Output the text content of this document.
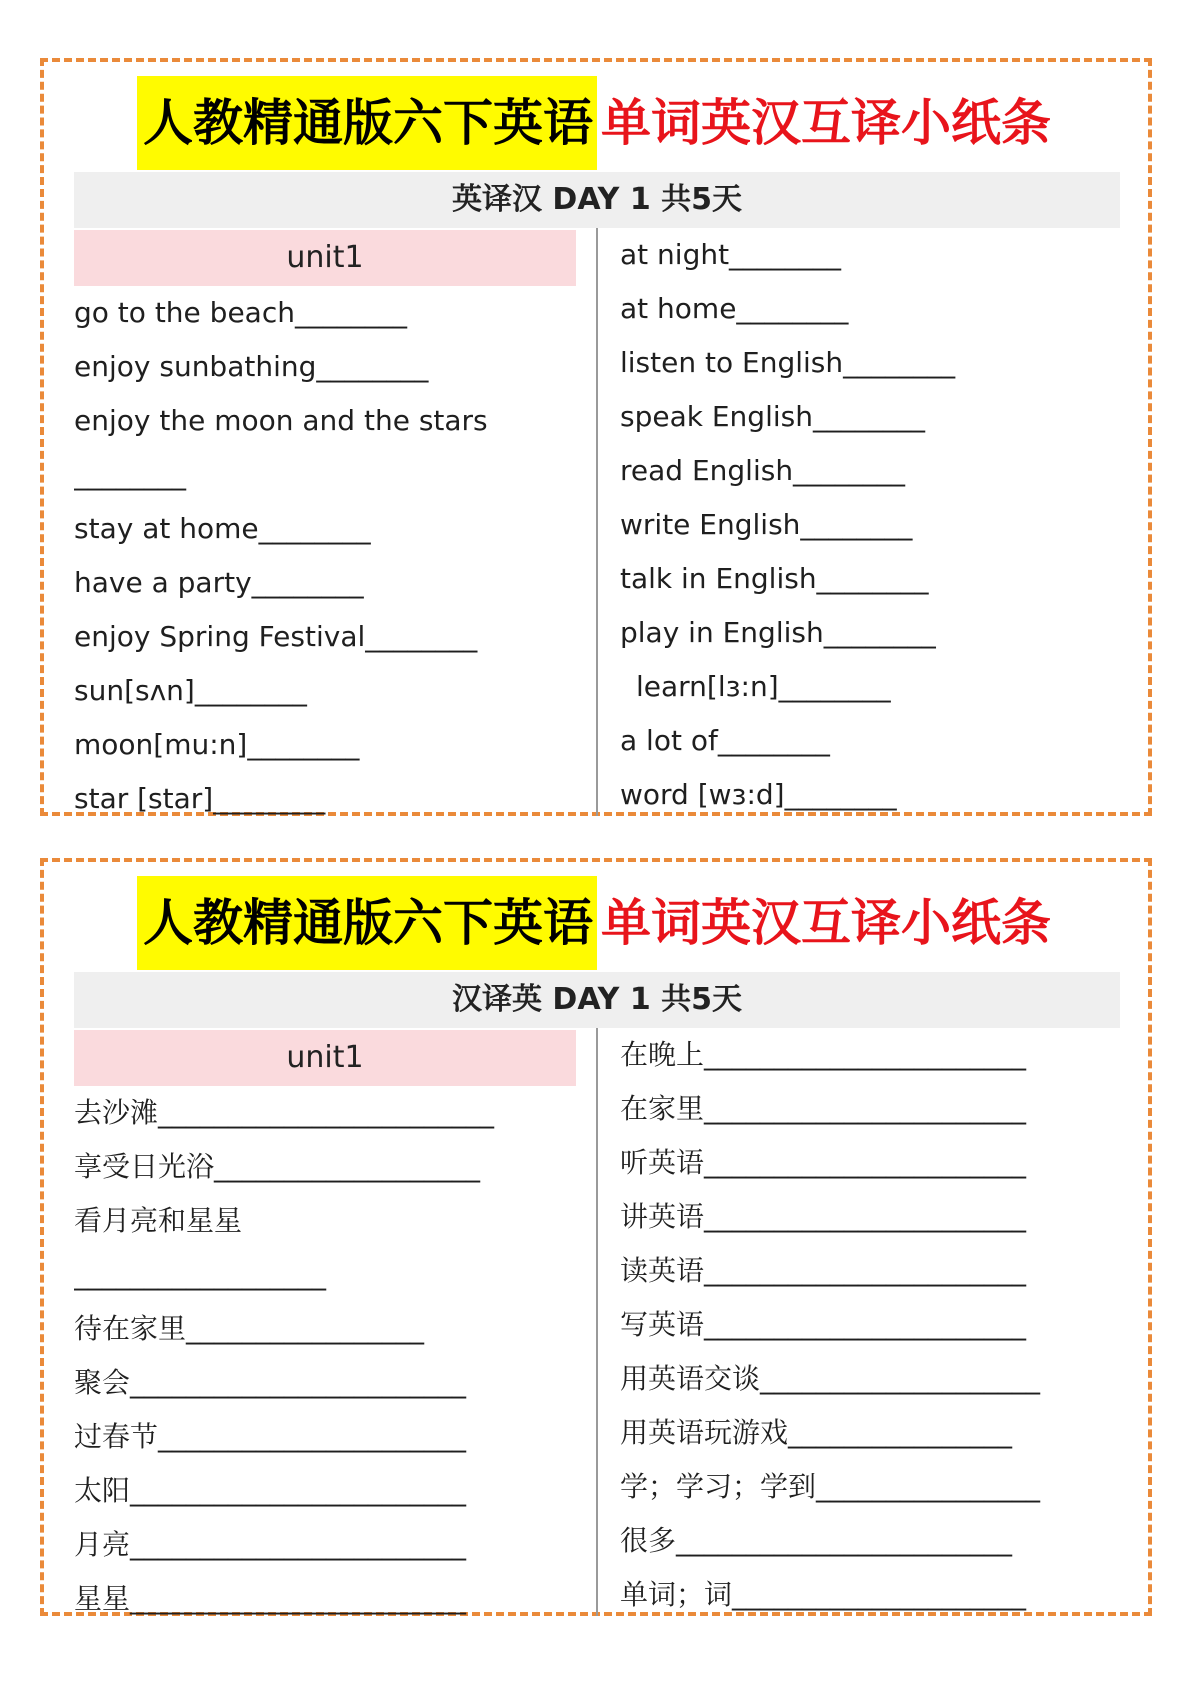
人教精通版六下英语 单词英汉互译小纸条
英译汉 DAY 1 共5天
unit1
go to the beach________
enjoy sunbathing________
enjoy the moon and the stars
________
stay at home________
have a party________
enjoy Spring Festival________
sun[sʌn]________
moon[mu:n]________
star [star]________
at night________
at home________
listen to English________
speak English________
read English________
write English________
talk in English________
play in English________
learn[lɜ:n]________
a lot of________
word [wɜ:d]________
人教精通版六下英语 单词英汉互译小纸条
汉译英 DAY 1 共5天
unit1
去沙滩________________________
享受日光浴___________________
看月亮和星星
__________________
待在家里_________________
聚会________________________
过春节______________________
太阳________________________
月亮________________________
星星________________________
在晚上_______________________
在家里_______________________
听英语_______________________
讲英语_______________________
读英语_______________________
写英语_______________________
用英语交谈____________________
用英语玩游戏________________
学；学习；学到________________
很多________________________
单词；词_____________________
